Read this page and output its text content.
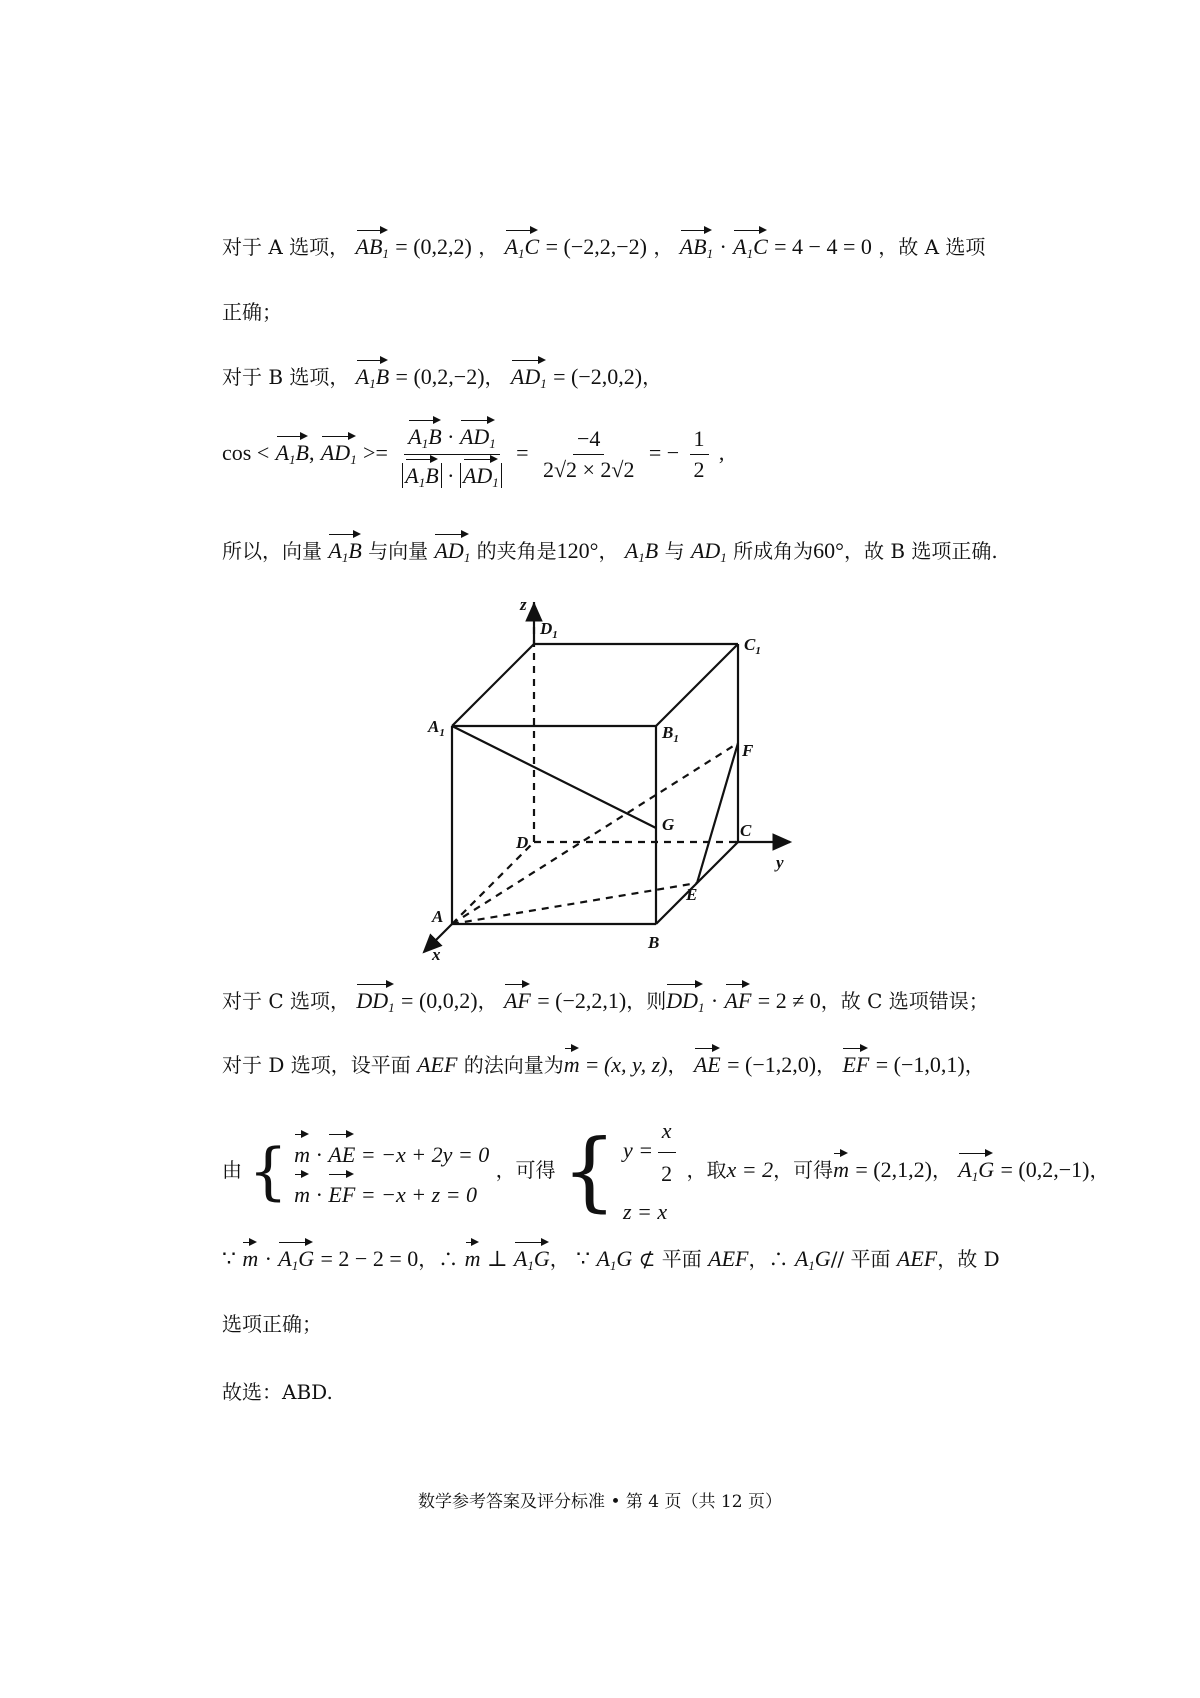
对于 A 选项， $AB_1 = (0,2,2)$ ， $A_1C = (-2,2,-2)$ ， $AB_1 \cdot A_1C = 4 - 4 = 0$ ，故 A 选项
正确；
对于 B 选项， $A_1B = (0,2,-2)$， $AD_1 = (-2,0,2)$，
$\cos < A_1B$, $AD_1 >= \frac{A_1B \cdot AD_1}{A_1B \cdot AD_1} = \frac{-4}{2√2 \times 2√2}$ = − $\frac{1}{2}$ ,
所以，向量 $A_1B$ 与向量 $AD_1$ 的夹角是120°， $A_1B$ 与 $AD_1$ 所成角为60°，故 B 选项正确.
z
y
x
$D_1$	$C_1$
$A_1$	$B_1$
F
G
D
C
E
A
B
对于 C 选项， $DD_1 = (0,0,2)$， AF = (−2,2,1)，则$DD_1$ · AF = 2 ≠ 0，故 C 选项错误；
对于 D 选项，设平面 AEF 的法向量为m = (x, y, z)， AE = (−1,2,0)， EF = (−1,0,1)，
由 { m · AE = −x + 2y = 0
m · EF = −x + z = 0
，可得 { $y = \frac{x}{2}$
z = x
，取x = 2，可得m = (2,1,2)， $A_1G = (0,2,-1)$，
∵ $m \cdot A_1G = 2 - 2 = 0$，∴ m ⊥ $A_1G$， ∵ $A_1G$ ⊄ 平面 AEF，∴ $A_1G//$ 平面 AEF，故 D
选项正确；
故选：ABD.
数学参考答案及评分标准 • 第 4 页（共 12 页）
